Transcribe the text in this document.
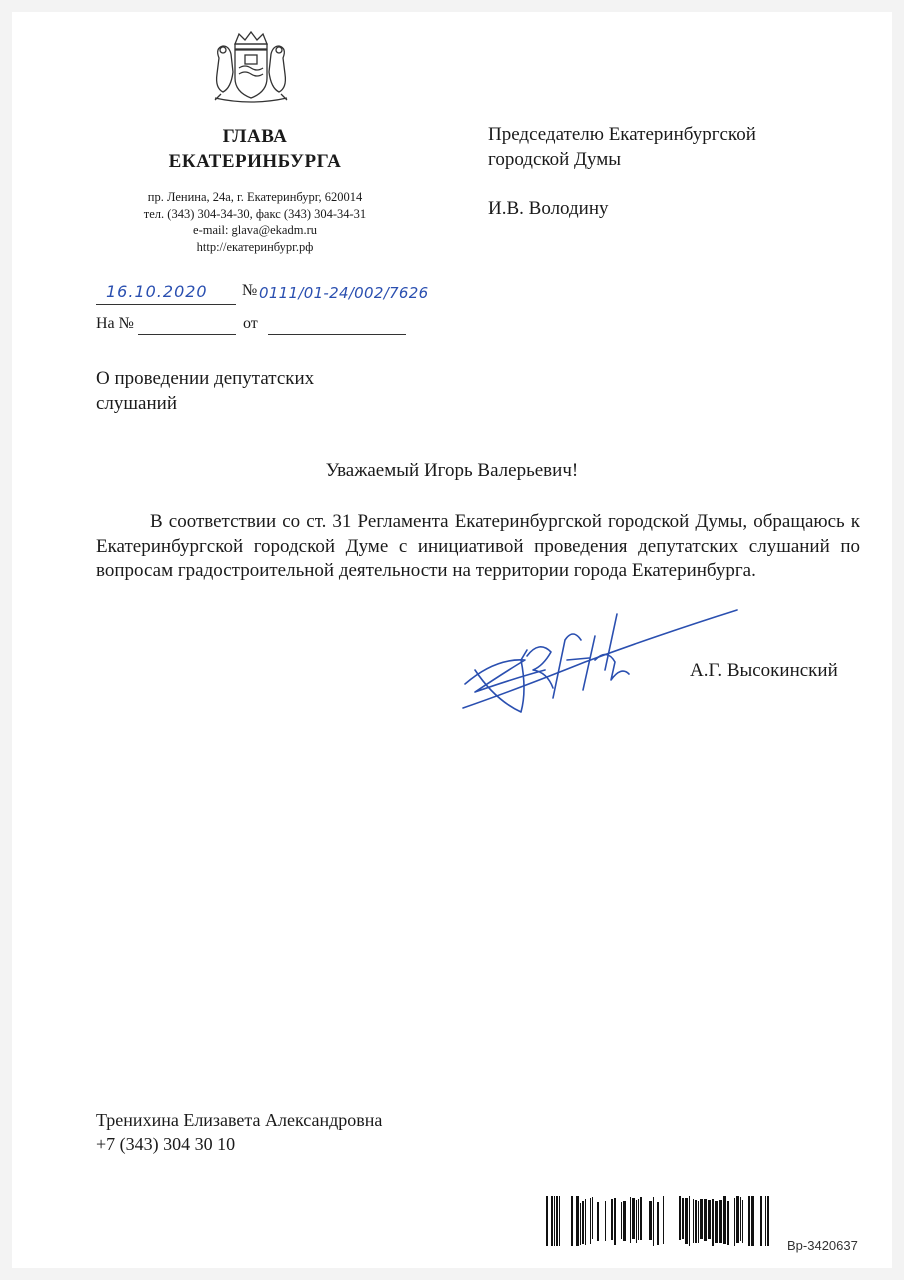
ГЛАВА
ЕКАТЕРИНБУРГА
пр. Ленина, 24а, г. Екатеринбург, 620014
тел. (343) 304-34-30, факс (343) 304-34-31
e-mail: glava@ekadm.ru
http://екатеринбург.рф
Председателю Екатеринбургской
городской Думы
И.В. Володину
16.10.2020 № 0111/01-24/002/7626
На №	от
О проведении депутатских
слушаний
Уважаемый Игорь Валерьевич!
В соответствии со ст. 31 Регламента Екатеринбургской городской Думы, обращаюсь к Екатеринбургской городской Думе с инициативой проведения депутатских слушаний по вопросам градостроительной деятельности на территории города Екатеринбурга.
А.Г. Высокинский
Тренихина Елизавета Александровна
+7 (343) 304 30 10
Вр-3420637
